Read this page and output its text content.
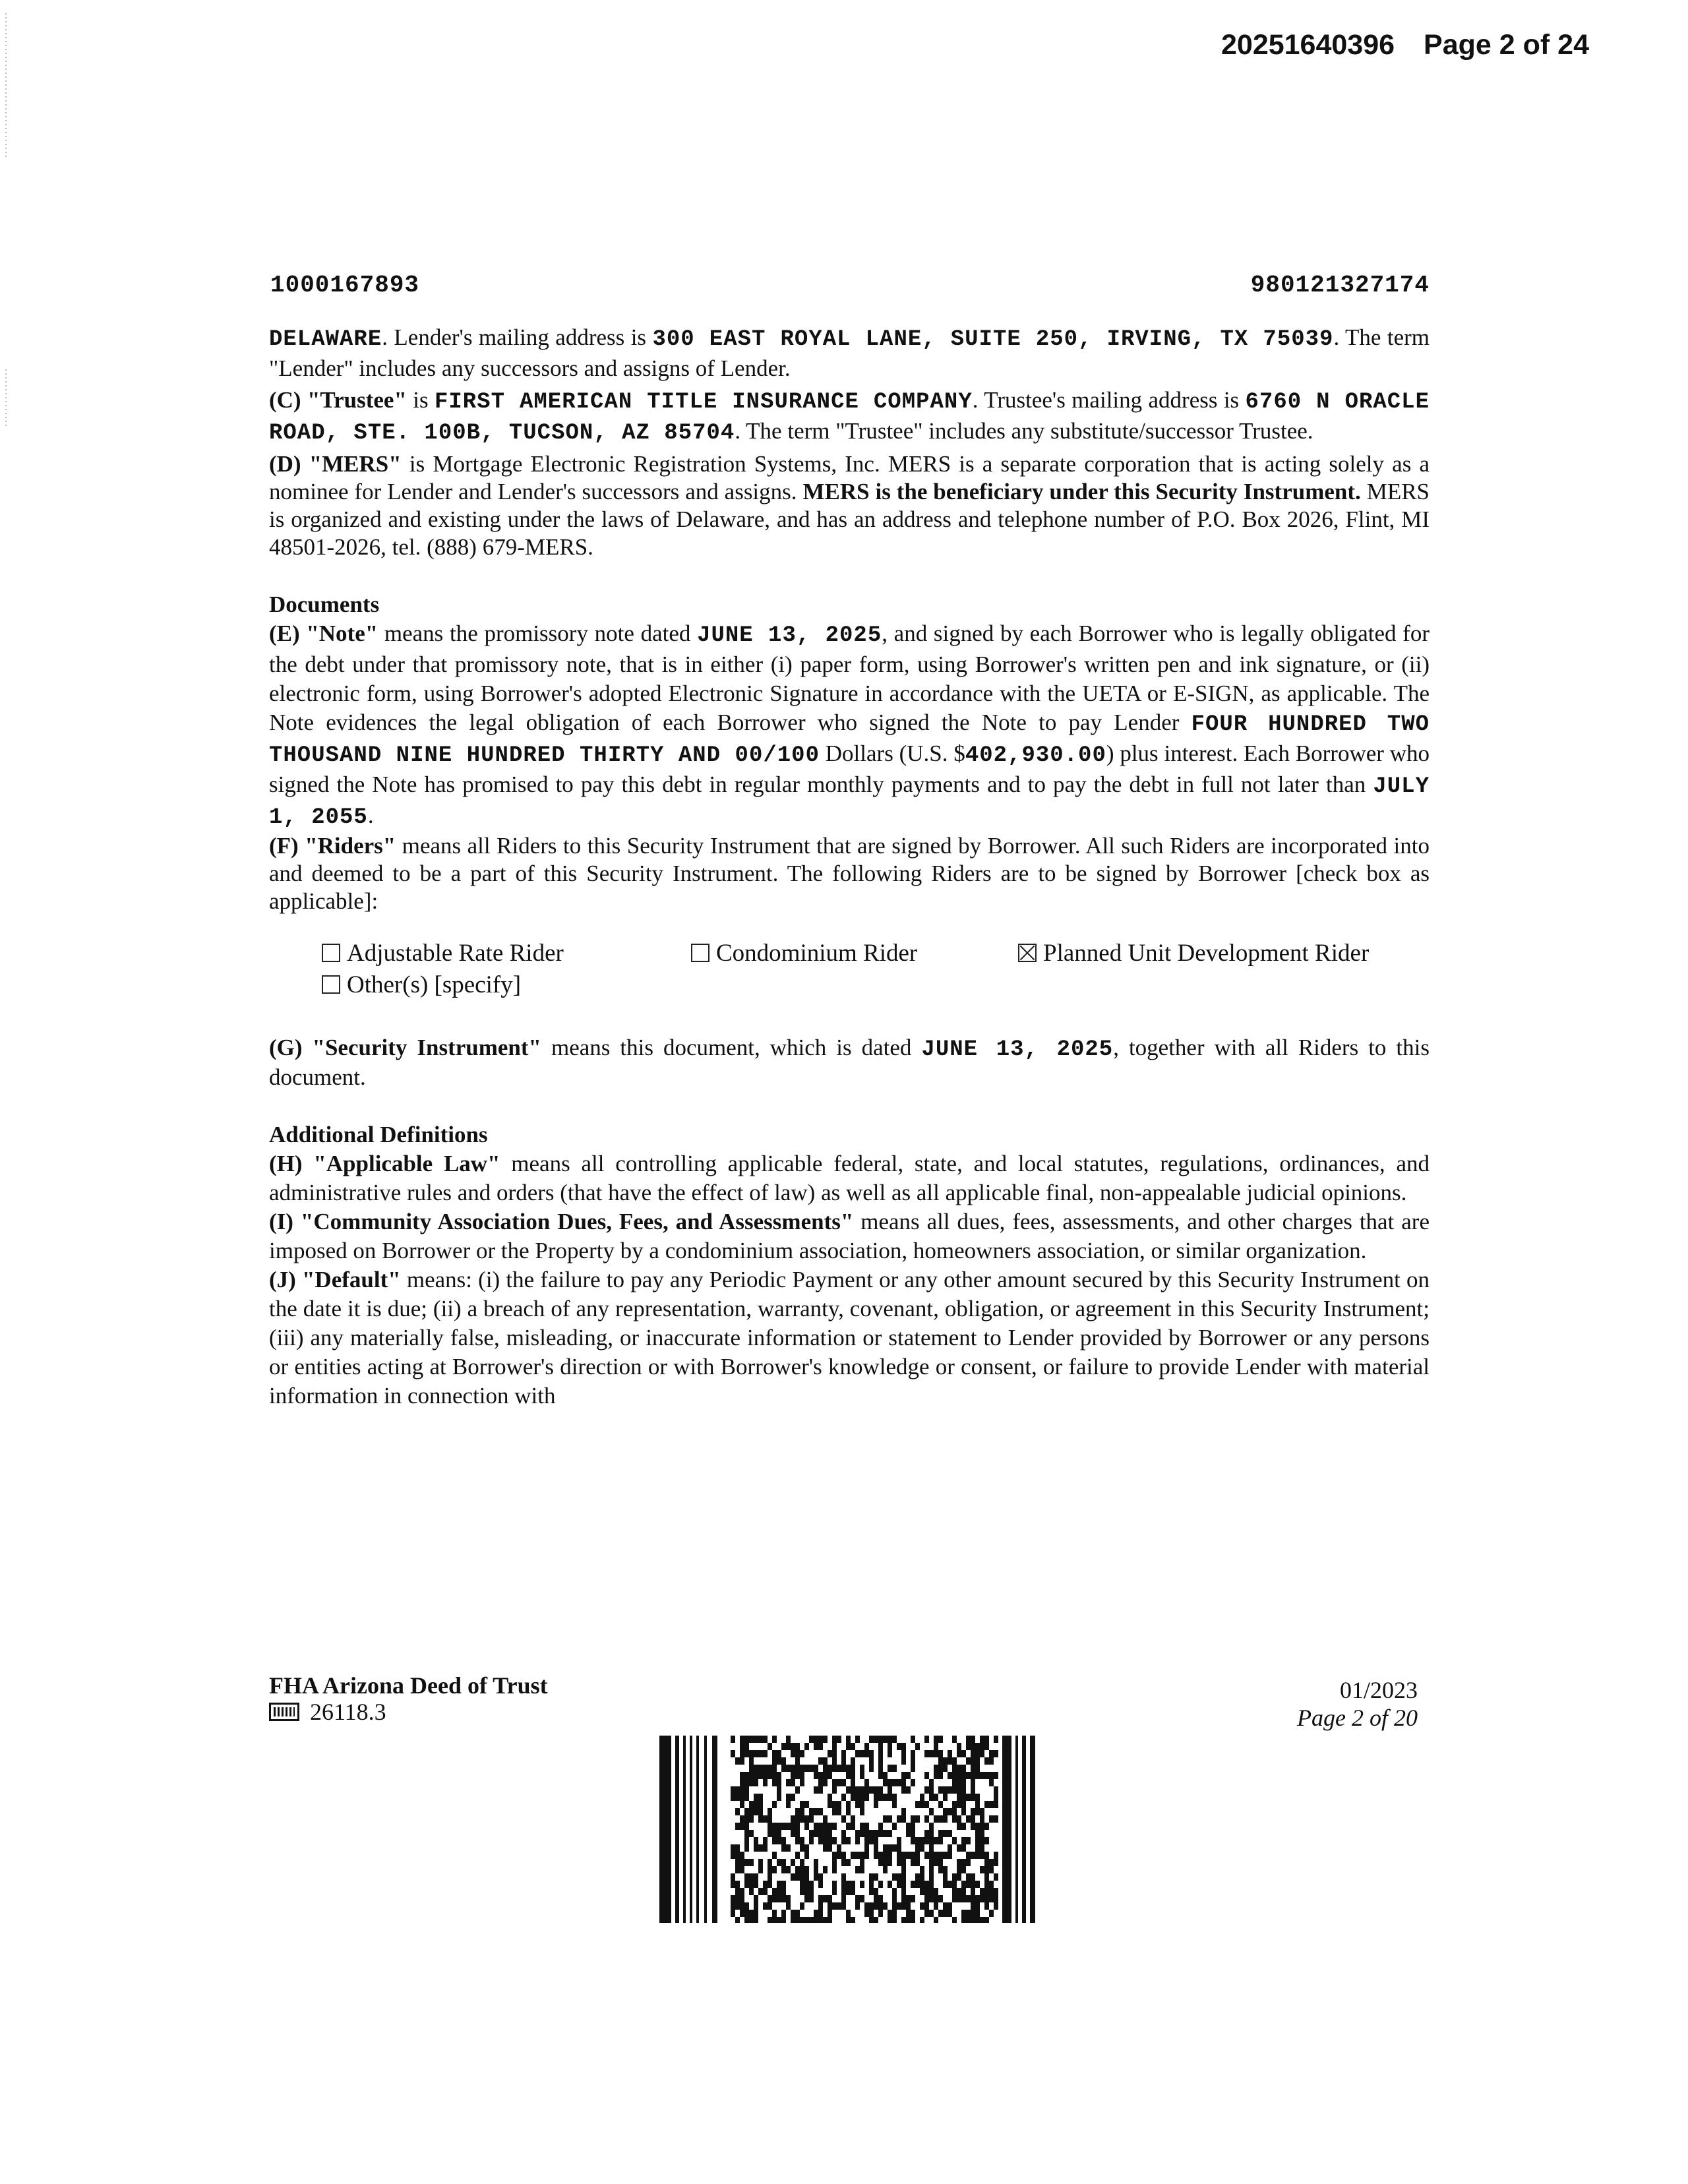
20251640396 Page 2 of 24
1000167893	980121327174

DELAWARE. Lender's mailing address is 300 EAST ROYAL LANE, SUITE 250, IRVING, TX 75039. The term "Lender" includes any successors and assigns of Lender.

(C) "Trustee" is FIRST AMERICAN TITLE INSURANCE COMPANY. Trustee's mailing address is 6760 N ORACLE ROAD, STE. 100B, TUCSON, AZ 85704. The term "Trustee" includes any substitute/successor Trustee.

(D) "MERS" is Mortgage Electronic Registration Systems, Inc. MERS is a separate corporation that is acting solely as a nominee for Lender and Lender's successors and assigns. MERS is the beneficiary under this Security Instrument. MERS is organized and existing under the laws of Delaware, and has an address and telephone number of P.O. Box 2026, Flint, MI 48501-2026, tel. (888) 679-MERS.

Documents

(E) "Note" means the promissory note dated JUNE 13, 2025, and signed by each Borrower who is legally obligated for the debt under that promissory note, that is in either (i) paper form, using Borrower's written pen and ink signature, or (ii) electronic form, using Borrower's adopted Electronic Signature in accordance with the UETA or E-SIGN, as applicable. The Note evidences the legal obligation of each Borrower who signed the Note to pay Lender FOUR HUNDRED TWO THOUSAND NINE HUNDRED THIRTY AND 00/100 Dollars (U.S. $402,930.00) plus interest. Each Borrower who signed the Note has promised to pay this debt in regular monthly payments and to pay the debt in full not later than JULY 1, 2055.

(F) "Riders" means all Riders to this Security Instrument that are signed by Borrower. All such Riders are incorporated into and deemed to be a part of this Security Instrument. The following Riders are to be signed by Borrower [check box as applicable]:

Adjustable Rate Rider	Condominium Rider	Planned Unit Development Rider
Other(s) [specify]

(G) "Security Instrument" means this document, which is dated JUNE 13, 2025, together with all Riders to this document.

Additional Definitions

(H) "Applicable Law" means all controlling applicable federal, state, and local statutes, regulations, ordinances, and administrative rules and orders (that have the effect of law) as well as all applicable final, non-appealable judicial opinions.

(I) "Community Association Dues, Fees, and Assessments" means all dues, fees, assessments, and other charges that are imposed on Borrower or the Property by a condominium association, homeowners association, or similar organization.

(J) "Default" means: (i) the failure to pay any Periodic Payment or any other amount secured by this Security Instrument on the date it is due; (ii) a breach of any representation, warranty, covenant, obligation, or agreement in this Security Instrument; (iii) any materially false, misleading, or inaccurate information or statement to Lender provided by Borrower or any persons or entities acting at Borrower's direction or with Borrower's knowledge or consent, or failure to provide Lender with material information in connection with

FHA Arizona Deed of Trust
26118.3
01/2023
Page 2 of 20
